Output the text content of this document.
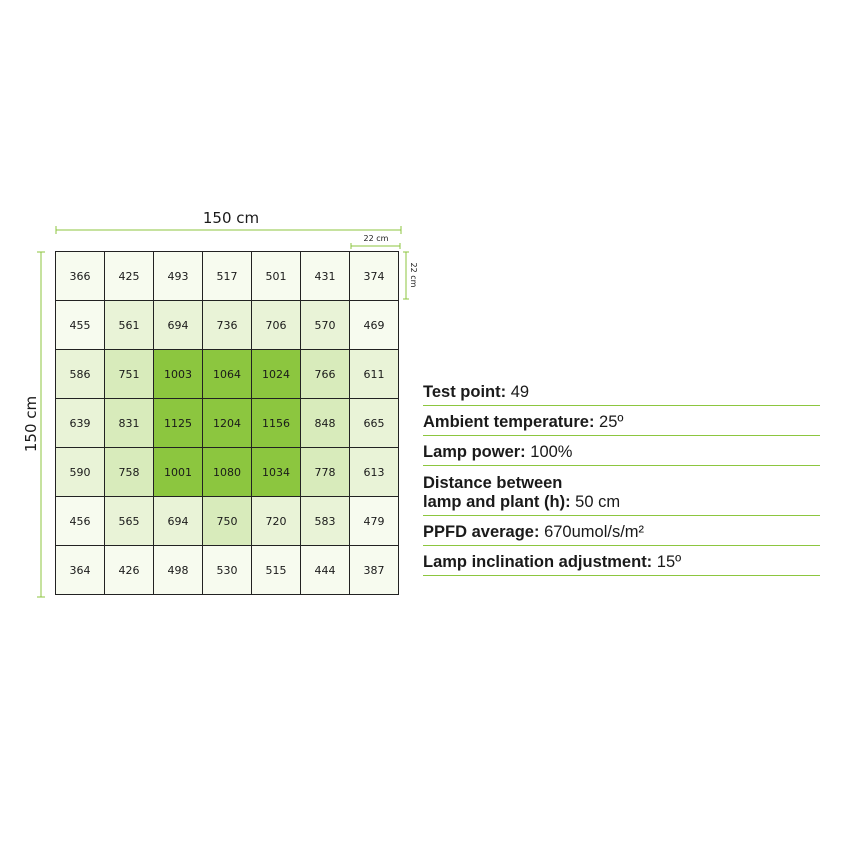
150 cm
22 cm
150 cm
22 cm
366	425	493	517	501	431	374
455	561	694	736	706	570	469
586	751	1003	1064	1024	766	611
639	831	1125	1204	1156	848	665
590	758	1001	1080	1034	778	613
456	565	694	750	720	583	479
364	426	498	530	515	444	387
Test point: 49
Ambient temperature: 25º
Lamp power: 100%
Distance between
lamp and plant (h): 50 cm
PPFD average: 670umol/s/m²
Lamp inclination adjustment: 15º
